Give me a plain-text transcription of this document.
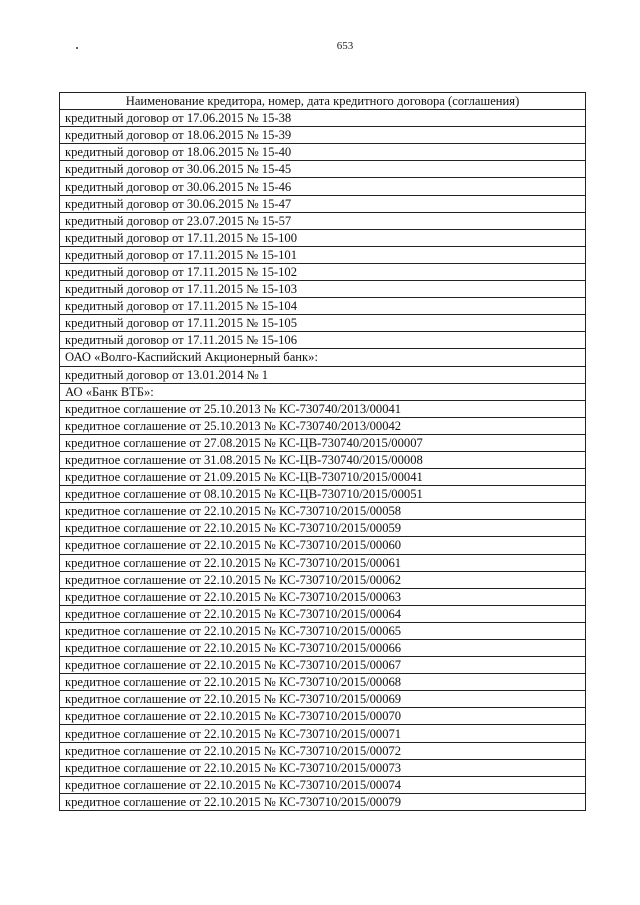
653
Наименование кредитора, номер, дата кредитного договора (соглашения)
кредитный договор от 17.06.2015 № 15-38
кредитный договор от 18.06.2015 № 15-39
кредитный договор от 18.06.2015 № 15-40
кредитный договор от 30.06.2015 № 15-45
кредитный договор от 30.06.2015 № 15-46
кредитный договор от 30.06.2015 № 15-47
кредитный договор от 23.07.2015 № 15-57
кредитный договор от 17.11.2015 № 15-100
кредитный договор от 17.11.2015 № 15-101
кредитный договор от 17.11.2015 № 15-102
кредитный договор от 17.11.2015 № 15-103
кредитный договор от 17.11.2015 № 15-104
кредитный договор от 17.11.2015 № 15-105
кредитный договор от 17.11.2015 № 15-106
ОАО «Волго-Каспийский Акционерный банк»:
кредитный договор от 13.01.2014 № 1
АО «Банк ВТБ»:
кредитное соглашение от 25.10.2013 № КС-730740/2013/00041
кредитное соглашение от 25.10.2013 № КС-730740/2013/00042
кредитное соглашение от 27.08.2015 № КС-ЦВ-730740/2015/00007
кредитное соглашение от 31.08.2015 № КС-ЦВ-730740/2015/00008
кредитное соглашение от 21.09.2015 № КС-ЦВ-730710/2015/00041
кредитное соглашение от 08.10.2015 № КС-ЦВ-730710/2015/00051
кредитное соглашение от 22.10.2015 № КС-730710/2015/00058
кредитное соглашение от 22.10.2015 № КС-730710/2015/00059
кредитное соглашение от 22.10.2015 № КС-730710/2015/00060
кредитное соглашение от 22.10.2015 № КС-730710/2015/00061
кредитное соглашение от 22.10.2015 № КС-730710/2015/00062
кредитное соглашение от 22.10.2015 № КС-730710/2015/00063
кредитное соглашение от 22.10.2015 № КС-730710/2015/00064
кредитное соглашение от 22.10.2015 № КС-730710/2015/00065
кредитное соглашение от 22.10.2015 № КС-730710/2015/00066
кредитное соглашение от 22.10.2015 № КС-730710/2015/00067
кредитное соглашение от 22.10.2015 № КС-730710/2015/00068
кредитное соглашение от 22.10.2015 № КС-730710/2015/00069
кредитное соглашение от 22.10.2015 № КС-730710/2015/00070
кредитное соглашение от 22.10.2015 № КС-730710/2015/00071
кредитное соглашение от 22.10.2015 № КС-730710/2015/00072
кредитное соглашение от 22.10.2015 № КС-730710/2015/00073
кредитное соглашение от 22.10.2015 № КС-730710/2015/00074
кредитное соглашение от 22.10.2015 № КС-730710/2015/00079
